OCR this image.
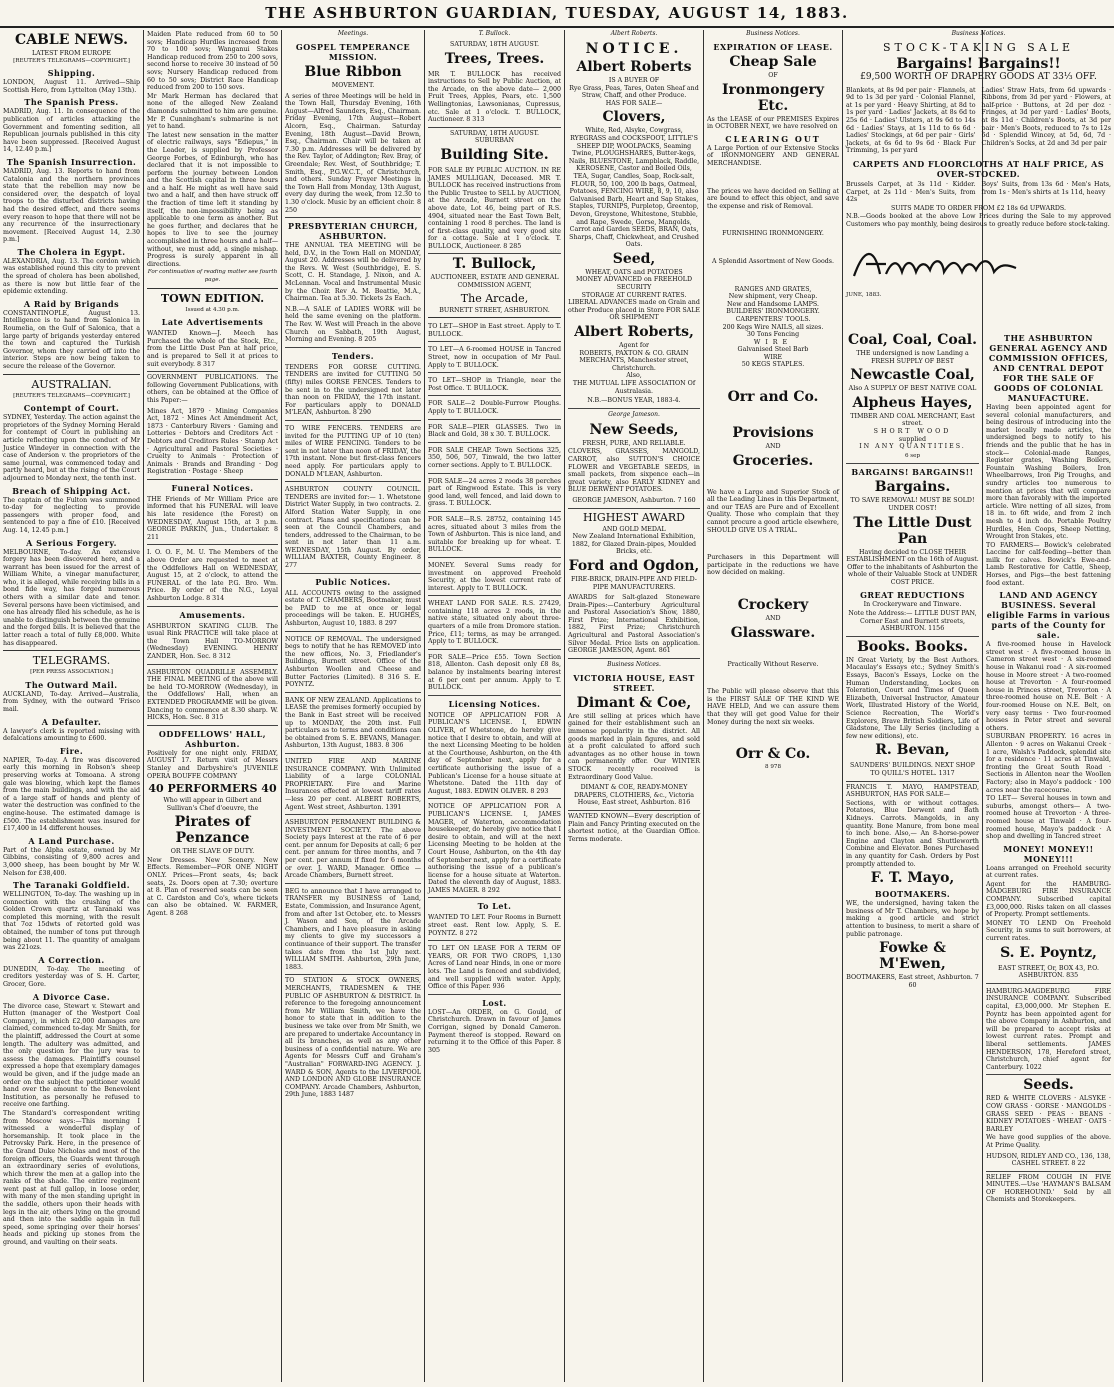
THE ASHBURTON GUARDIAN, TUESDAY, AUGUST 14, 1883.
CABLE NEWS.
LATEST FROM EUROPE
[REUTER'S TELEGRAMS—COPYRIGHT.]
Shipping.
LONDON, August 11. Arrived—Ship Scottish Hero, from Lyttelton (May 13th).
The Spanish Press.
MADRID, Aug. 11. In consequence of the publication of articles attacking the Government and fomenting sedition, all Republican journals published in this city have been suppressed. [Received August 14, 12.40 p.m.]
The Spanish Insurrection.
MADRID, Aug. 13. Reports to hand from Catalonia and the northern provinces state that the rebellion may now be considered over, the despatch of loyal troops to the disturbed districts having had the desired effect, and there seems every reason to hope that there will not be any recurrence of the insurrectionary movement. [Received August 14, 2.30 p.m.]
The Cholera in Egypt.
ALEXANDRIA, Aug. 13. The cordon which was established round this city to prevent the spread of cholera has been abolished, as there is now but little fear of the epidemic extending.
A Raid by Brigands
CONSTANTINOPLE, August 13. Intelligence is to hand from Salonica in Roumelia, on the Gulf of Salonica, that a large party of brigands yesterday entered the town and captured the Turkish Governor, whom they carried off into the interior. Steps are now being taken to secure the release of the Governor.
AUSTRALIAN.
[REUTER'S TELEGRAMS—COPYRIGHT.]
Contempt of Court.
SYDNEY, Yesterday. The action against the proprietors of the Sydney Morning Herald for contempt of Court in publishing an article reflecting upon the conduct of Mr Justice Windeyer in connection with the case of Anderson v. the proprietors of the same journal, was commenced today and partly heard, but at the rising of the Court adjourned to Monday next, the tenth inst.
Breach of Shipping Act.
The captain of the Fulton was summoned to-day for neglecting to provide passengers with proper food, and sentenced to pay a fine of £10. [Received Aug. 14, 12.45 p.m.]
A Serious Forgery.
MELBOURNE, To-day. An extensive forgery has been discovered here, and a warrant has been issued for the arrest of William White, a vinegar manufacturer, who, it is alleged, while receiving bills in a bond fide way, has forged numerous others with a similar date and tenor. Several persons have been victimised, and one has already filed his schedule, as he is unable to distinguish between the genuine and the forged bills. It is believed that the latter reach a total of fully £8,000. White has disappeared.
TELEGRAMS.
[PER PRESS ASSOCIATION.]
The Outward Mail.
AUCKLAND, To-day. Arrived—Australia, from Sydney, with the outward 'Frisco mail.
A Defaulter.
A lawyer's clerk is reported missing with defalcations amounting to £600.
Fire.
NAPIER, To-day. A fire was discovered early this morning in Robson's sheep preserving works at Tomoana. A strong gale was blowing, which kept the flames from the main buildings, and with the aid of a large staff of hands and plenty of water the destruction was confined to the engine-house. The estimated damage is £500. The establishment was insured for £17,400 in 14 different houses.
A Land Purchase.
Part of the Alpha estate, owned by Mr Gibbins, consisting of 9,800 acres and 3,000 sheep, has been bought by Mr W. Nelson for £38,400.
The Taranaki Goldfield.
WELLINGTON, To-day. The washing up in connection with the crushing of the Golden Crown quartz at Taranaki was completed this morning, with the result that 7oz 15dwts of retorted gold was obtained, the number of tons put through being about 11. The quantity of amalgam was 221ozs.
A Correction.
DUNEDIN, To-day. The meeting of creditors yesterday was of S. H. Carter, Grocer, Gore.
A Divorce Case.
The divorce case, Stewart v. Stewart and Hutton (manager of the Westport Coal Company), in which £2,000 damages are claimed, commenced to-day. Mr Smith, for the plaintiff, addressed the Court at some length. The adultery was admitted, and the only question for the jury was to assess the damages. Plaintiff's counsel expressed a hope that exemplary damages would be given, and if the judge made an order on the subject the petitioner would hand over the amount to the Benevolent Institution, as personally he refused to receive one farthing.
The Standard's correspondent writing from Moscow says:—This morning I witnessed a wonderful display of horsemanship. It took place in the Petrovsky Park. Here, in the presence of the Grand Duke Nicholas and most of the foreign officers, the Guards went through an extraordinary series of evolutions, which threw the men at a gallop into the ranks of the shade. The entire regiment went past at full gallop, in loose order, with many of the men standing upright in the saddle, others upon their heads with legs in the air, others lying on the ground and then into the saddle again in full speed, some springing over their horses' heads and picking up stones from the ground, and vaulting on their seats.
Maiden Plate reduced from 60 to 50 sovs; Handicap Hurdles increased from 70 to 100 sovs; Wanganui Stakes Handicap reduced from 250 to 200 sovs, second horse to receive 30 instead of 50 sovs; Nursery Handicap reduced from 60 to 50 sovs; District Race Handicap reduced from 200 to 150 sovs.
Mr Mark Herman has declared that none of the alleged New Zealand diamonds submitted to him are genuine. Mr P. Cunningham's submarine is not yet to hand.
The latest new sensation in the matter of electric railways, says "Ediepus," in the Leader, is supplied by Professor George Forbes, of Edinburgh, who has declared that it is not impossible to perform the journey between London and the Scottish capital in three hours and a half. He might as well have said two and a half, and then have struck off the fraction of time left it standing by itself, the non-impossibility being as applicable to one term as another. But he goes further, and declares that he hopes to live to see the journey accomplished in three hours and a half—without, we must add, a single mishap. Progress is surely apparent in all directions.
For continuation of reading matter see fourth page.
TOWN EDITION.
Issued at 4.30 p.m.
Late Advertisements
WANTED Known—J. Meech has Purchased the whole of the Stock, Etc., from the Little Dust Pan at half price, and is prepared to Sell it at prices to suit everybody. 8 317
GOVERNMENT PUBLICATIONS. The following Government Publications, with others, can be obtained at the Office of this Paper:—
Mines Act, 1879 · Mining Companies Act, 1872 · Mines Act Amendment Act, 1873 · Canterbury Rivers · Gaming and Lotteries · Debtors and Creditors Act · Debtors and Creditors Rules · Stamp Act · Agricultural and Pastoral Societies · Cruelty to Animals · Protection of Animals · Brands and Branding · Dog Registration · Postage · Sheep
Funeral Notices.
THE Friends of Mr William Price are informed that his FUNERAL will leave his late residence (the Forest) on WEDNESDAY, August 15th, at 3 p.m. GEORGE PARKIN, Jun., Undertaker. 8 211
I. O. O. F., M. U. The Members of the above Order are requested to meet at the Oddfellows Hall on WEDNESDAY, August 15, at 2 o'clock, to attend the FUNERAL of the late P.G. Bro. Wm. Price. By order of the N.G., Loyal Ashburton Lodge. 8 314
Amusements.
ASHBURTON SKATING CLUB. The usual Rink PRACTICE will take place at the Town Hall TO-MORROW (Wednesday) EVENING. HENRY ZANDER, Hon. Sec. 8 312
ASHBURTON QUADRILLE ASSEMBLY. THE FINAL MEETING of the above will be held TO-MORROW (Wednesday), in the Oddfellows' Hall, when an EXTENDED PROGRAMME will be given. Dancing to commence at 8.30 sharp. W. HICKS, Hon. Sec. 8 315
ODDFELLOWS' HALL, Ashburton.
Positively for one night only. FRIDAY, AUGUST 17. Return visit of Messrs Stanley and Darbyshire's JUVENILE OPERA BOUFFE COMPANY
40 PERFORMERS 40
Who will appear in Gilbert and Sullivan's Chef d'oeuvre, the
Pirates of Penzance
OR THE SLAVE OF DUTY.
New Dresses. New Scenery. New Effects. Remember—FOR ONE NIGHT ONLY. Prices—Front seats, 4s; back seats, 2s. Doors open at 7.30; overture at 8. Plan of reserved seats can be seen at C. Cardston and Co's, where tickets can also be obtained. W. FARMER, Agent. 8 268
Meetings.
GOSPEL TEMPERANCE MISSION.
Blue Ribbon
MOVEMENT.
A series of three Meetings will be held in the Town Hall, Thursday Evening, 16th August—Alfred Saunders, Esq., Chairman. Friday Evening, 17th August—Robert Alcorn, Esq., Chairman. Saturday Evening, 18th August—David Brown, Esq., Chairman. Chair will be taken at 7.30 p.m. Addresses will be delivered by the Rev. Taylor, of Addington; Rev. Bray, of Greendale; Rev. West, of Southbridge; T. Smith, Esq., P.G.W.C.T., of Christchurch, and others. Sunday Prayer Meetings in the Town Hall from Monday, 13th August, every day during the week, from 12.30 to 1.30 o'clock. Music by an efficient choir. 8 250
PRESBYTERIAN CHURCH, ASHBURTON.
THE ANNUAL TEA MEETING will be held, D.V., in the Town Hall on MONDAY, August 20. Addresses will be delivered by the Revs. W. West (Southbridge), E. S. Scott, C. H. Standage, J. Nixon, and A. McLennan. Vocal and Instrumental Music by the Choir. Rev A. M. Beattie, M.A., Chairman. Tea at 5.30. Tickets 2s Each.
N.B.—A SALE of LADIES WORK will be held the same evening on the platform. The Rev. W. West will Preach in the above Church on Sabbath, 19th August, Morning and Evening. 8 205
Tenders.
TENDERS FOR GORSE CUTTING. TENDERS are invited for CUTTING 50 (fifty) miles GORSE FENCES. Tenders to be sent in to the undersigned not later than noon on FRIDAY, the 17th instant. For particulars apply to DONALD M'LEAN, Ashburton. 8 290
TO WIRE FENCERS. TENDERS are invited for the PUTTING UP of 10 (ten) miles of WIRE FENCING. Tenders to be sent in not later than noon of FRIDAY, the 17th instant. None but first-class fencers need apply. For particulars apply to DONALD M'LEAN, Ashburton.
ASHBURTON COUNTY COUNCIL. TENDERS are invited for:— 1. Whetstone District Water Supply, in two contracts. 2. Alford Station Water Supply, in one contract. Plans and specifications can be seen at the Council Chambers, and tenders, addressed to the Chairman, to be sent in not later than 11 a.m. WEDNESDAY, 15th August. By order, WILLIAM BAXTER, County Engineer. 8 277
Public Notices.
ALL ACCOUNTS owing to the assigned estate of T. CHAMBERS, Bootmaker, must be PAID to me at once or legal proceedings will be taken. E. HUGHES, Ashburton, August 10, 1883. 8 297
NOTICE OF REMOVAL. The undersigned begs to notify that he has REMOVED into the new offices, No. 3, Friedlander's Buildings, Burnett street. Office of the Ashburton Woollen and Cheese and Butter Factories (Limited). 8 316 S. E. POYNTZ.
BANK OF NEW ZEALAND. Applications to LEASE the premises formerly occupied by the Bank in East street will be received up to MONDAY, the 20th inst. Full particulars as to terms and conditions can be obtained from S. E. BEVANS, Manager. Ashburton, 13th August, 1883. 8 306
UNITED FIRE AND MARINE INSURANCE COMPANY. With Unlimited Liability of a large COLONIAL PROPRIETARY. Fire and Marine Insurances effected at lowest tariff rates—less 20 per cent. ALBERT ROBERTS, Agent. West street, Ashburton. 1391
ASHBURTON PERMANENT BUILDING & INVESTMENT SOCIETY. The above Society pays Interest at the rate of 6 per cent. per annum for Deposits at call; 6 per cent. per annum for three months, and 7 per cent. per annum if fixed for 6 months or over. J. WARD, Manager. Office — Arcade Chambers, Burnett street.
BEG to announce that I have arranged to TRANSFER my BUSINESS of Land, Estate, Commission, and Insurance Agent, from and after 1st October, etc. to Messrs J. Wason and Son, of the Arcade Chambers, and I have pleasure in asking my clients to give my successors a continuance of their support. The transfer takes date from the 1st July next. WILLIAM SMITH. Ashburton, 29th June, 1883.
TO STATION & STOCK OWNERS, MERCHANTS, TRADESMEN & THE PUBLIC OF ASHBURTON & DISTRICT. In reference to the foregoing announcement from Mr William Smith, we have the honor to state that in addition to the business we take over from Mr Smith, we are prepared to undertake Accountancy in all its branches, as well as any other business of a confidential nature. We are Agents for Messrs Cuff and Graham's "Australian" FORWARD-ING AGENCY. J. WARD & SON, Agents to the LIVERPOOL AND LONDON AND GLOBE INSURANCE COMPANY. Arcade Chambers, Ashburton, 29th June, 1883 1487
T. Bullock.
SATURDAY, 18TH AUGUST.
Trees, Trees.
MR T. BULLOCK has received instructions to Sell by Public Auction, at the Arcade, on the above date— 2,000 Fruit Trees, Apples, Pears, etc. 1,500 Wellingtonias, Lawsonianas, Cupressus, etc. Sale at 1 o'clock. T. BULLOCK, Auctioneer. 8 313
SATURDAY, 18TH AUGUST.
SUBURBAN
Building Site.
FOR SALE BY PUBLIC AUCTION. IN RE JAMES MULLIGAN, Deceased. MR T. BULLOCK has received instructions from the Public Trustee to SELL by AUCTION, at the Arcade, Burnett street on the above date, Lot 46, being part of R.S. 4904, situated near the East Town Belt, containing 1 rood 8 perches. The land is of first-class quality, and very good site for a cottage. Sale at 1 o'clock. T. BULLOCK, Auctioneer. 8 285
T. Bullock,
AUCTIONEER, ESTATE AND GENERAL COMMISSION AGENT,
The Arcade,
BURNETT STREET, ASHBURTON.
TO LET—SHOP in East street. Apply to T. BULLOCK.
TO LET—A 6-roomed HOUSE in Tancred Street, now in occupation of Mr Paul. Apply to T. BULLOCK.
TO LET—SHOP in Triangle, near the Post Office. T. BULLOCK.
FOR SALE—2 Double-Furrow Ploughs. Apply to T. BULLOCK.
FOR SALE—PIER GLASSES. Two in Black and Gold, 38 x 30. T. BULLOCK.
FOR SALE CHEAP. Town Sections 325, 350, 506, 507, Tinwald, the two latter corner sections. Apply to T. BULLOCK.
FOR SALE—24 acres 2 roods 38 perches part of Ringwood Estate. This is very good land, well fenced, and laid down to grass. T. BULLOCK.
FOR SALE—R.S. 28752, containing 145 acres, situated about 3 miles from the Town of Ashburton. This is nice land, and suitable for breaking up for wheat. T. BULLOCK.
MONEY. Several Sums ready for investment on approved Freehold Security, at the lowest current rate of interest. Apply to T. BULLOCK.
WHEAT LAND FOR SALE. R.S. 27429, containing 118 acres 2 roods, in the native state, situated only about three-quarters of a mile from Dromore station. Price, £11; terms, as may be arranged. Apply to T. BULLOCK.
FOR SALE—Price £55. Town Section 818, Allenton. Cash deposit only £8 8s, balance by instalments bearing interest at 6 per cent per annum. Apply to T. BULLOCK.
Licensing Notices.
NOTICE OF APPLICATION FOR A PUBLICAN'S LICENSE. I, EDWIN OLIVER, of Whetstone, do hereby give notice that I desire to obtain, and will at the next Licensing Meeting to be holden at the Courthouse, Ashburton, on the 4th day of September next, apply for a certificate authorising the issue of a Publican's License for a house situate at Whetstone. Dated the 11th day of August, 1883. EDWIN OLIVER. 8 293
NOTICE OF APPLICATION FOR A PUBLICAN'S LICENSE. I, JAMES MAGER, of Waterton, accommodation housekeeper, do hereby give notice that I desire to obtain, and will at the next Licensing Meeting to be holden at the Court House, Ashburton, on the 4th day of September next, apply for a certificate authorising the issue of a publican's license for a house situate at Waterton. Dated the eleventh day of August, 1883. JAMES MAGER. 8 292
To Let.
WANTED TO LET. Four Rooms in Burnett street east. Rent low. Apply, S. E. POYNTZ. 8 272
TO LET ON LEASE FOR A TERM OF YEARS, OR FOR TWO CROPS, 1,130 Acres of Land near Hinds, in one or more lots. The Land is fenced and subdivided, and well supplied with water. Apply, Office of this Paper. 936
Lost.
LOST—An ORDER, on G. Gould, of Christchurch. Drawn in favour of James Corrigan, signed by Donald Cameron. Payment thereof is stopped. Reward on returning it to the Office of this Paper. 8 305
Albert Roberts.
NOTICE.
Albert Roberts
IS A BUYER OF
Rye Grass, Peas, Tares, Oaten Sheaf and Straw, Chaff, and other Produce.
HAS FOR SALE—
Clovers,
White, Red, Alsyke, Cowgrass, RYEGRASS and COCKSFOOT, LITTLE'S SHEEP DIP, WOOLPACKS, Seaming Twine, PLOUGHSHARES, Butter-kegs, Nails, BLUESTONE, Lampblack, Raddle, KEROSENE, Castor and Boiled Oils, TEA, Sugar, Candles, Soap, Rock-salt, FLOUR, 50, 100, 200 lb bags, Oatmeal, Potatoes, FENCING WIRE, 8, 9, 10, also Galvanised Barb, Heart and Sap Stakes, Staples, TURNIPS, Purpletop, Greentop, Devon, Greystone, Whitestone, Stubble, and Rape, Swede, Gorse, Mangolds, Carrot and Garden SEEDS, BRAN, Oats, Sharps, Chaff, Chickwheat, and Crushed Oats.
Seed,
WHEAT, OATS and POTATOES
MONEY ADVANCED on FREEHOLD SECURITY
STORAGE AT CURRENT RATES.
LIBERAL ADVANCES made on Grain and other Produce placed in Store FOR SALE OR SHIPMENT
Albert Roberts,
Agent for
ROBERTS, PAXTON & CO. GRAIN MERCHANTS, Manchester street, Christchurch.
Also,
THE MUTUAL LIFE ASSOCIATION Of Australasia.
N.B.—BONUS YEAR, 1883-4.
George Jameson.
New Seeds,
FRESH, PURE, AND RELIABLE.
CLOVERS, GRASSES, MANGOLD, CARROT, also SUTTON'S CHOICE FLOWER and VEGETABLE SEEDS, in small packets, from sixpence each—in great variety, also EARLY KIDNEY and BLUE DERWENT POTATOES.
GEORGE JAMESON, Ashburton. 7 160
HIGHEST AWARD
AND GOLD MEDAL
New Zealand International Exhibition, 1882, for Glazed Drain-pipes, Moulded Bricks, etc.
Ford and Ogdon,
FIRE-BRICK, DRAIN-PIPE AND FIELD-PIPE MANUFACTURERS.
AWARDS for Salt-glazed Stoneware Drain-Pipes:—Canterbury Agricultural and Pastoral Association's Show, 1880, First Prize; International Exhibition, 1882, First Prize; Christchurch Agricultural and Pastoral Association's Silver Medal. Price lists on application. GEORGE JAMESON, Agent. 861
Business Notices.
VICTORIA HOUSE, EAST STREET.
Dimant & Coe,
Are still selling at prices which have gained for their establishment such an immense popularity in the district. All goods marked in plain figures, and sold at a profit calculated to afford such advantages as no other house in town can permanently offer. Our WINTER STOCK recently received is Extraordinary Good Value.
DIMANT & COE, READY-MONEY DRAPERS, CLOTHIERS, &c., Victoria House, East street, Ashburton. 816
WANTED KNOWN—Every description of Plain and Fancy Printing executed on the shortest notice, at the Guardian Office. Terms moderate.
Business Notices.
EXPIRATION OF LEASE.
Cheap Sale
OF
Ironmongery Etc.
As the LEASE of our PREMISES Expires in OCTOBER NEXT, we have resolved on
CLEARING OUT
A Large Portion of our Extensive Stocks of IRONMONGERY AND GENERAL MERCHANDISE.
The prices we have decided on Selling at are bound to effect this object, and save the expense and risk of Removal.
FURNISHING IRONMONGERY.
A Splendid Assortment of New Goods.
RANGES AND GRATES,
New shipment, very Cheap.
New and Handsome LAMPS.
BUILDERS' IRONMONGERY.
CARPENTERS' TOOLS.
200 Kegs Wire NAILS, all sizes.
30 Tons Fencing
WIRE
Galvanised Steel Barb
WIRE
50 KEGS STAPLES.
Orr and Co.
Provisions
AND
Groceries.
We have a Large and Superior Stock of all the Leading Lines in this Department, and our TEAS are Pure and of Excellent Quality. Those who complain that they cannot procure a good article elsewhere, SHOULD GIVE US A TRIAL.
Purchasers in this Department will participate in the reductions we have now decided on making.
Crockery
AND
Glassware.
Practically Without Reserve.
The Public will please observe that this is the FIRST SALE OF THE KIND WE HAVE HELD, And we can assure them that they will get good Value for their Money during the next six weeks.
Orr & Co.
8 978
Business Notices.
STOCK-TAKING SALE
Bargains! Bargains!!
£9,500 WORTH OF DRAPERY GOODS AT 33⅓ OFF.
Blankets, at 8s 9d per pair · Flannels, at 9d to 1s 3d per yard · Colonial Flannel, at 1s per yard · Heavy Shirting, at 8d to 1s per yard · Ladies' Jackets, at 8s 6d to 25s 6d · Ladies' Ulsters, at 9s 6d to 14s 6d · Ladies' Stays, at 1s 11d to 6s 6d · Ladies' Stockings, at 6d per pair · Girls' Jackets, at 6s 6d to 9s 6d · Black Fur Trimming, 1s per yard
Ladies' Straw Hats, from 6d upwards · Ribbons, from 3d per yard · Flowers, at half-price · Buttons, at 2d per doz · Fringes, at 3d per yard · Ladies' Boots, at 8s 11d · Children's Boots, at 3d per pair · Men's Boots, reduced to 7s to 12s 6d · Splendid Wincey, at 5d, 6d, 7d · Children's Socks, at 2d and 3d per pair
CARPETS AND FLOORCLOTHS AT HALF PRICE, AS OVER-STOCKED.
Brussels Carpet, at 3s 11d · Kidder. Carpet, at 2s 11d · Men's Suits, from 42s
Boys' Suits, from 13s 6d · Men's Hats, from 1s · Men's shirts at 1s 11d, heavy
SUITS MADE TO ORDER FROM £2 18s 6d UPWARDS.
N.B.—Goods booked at the above Low Prices during the Sale to my approved Customers who pay monthly, being desirous to greatly reduce before stock-taking.
JUNE, 1883.
Coal, Coal, Coal.
THE undersigned is now Landing a FRESH SUPPLY OF BEST
Newcastle Coal,
Also A SUPPLY OF BEST NATIVE COAL
Alpheus Hayes,
TIMBER AND COAL MERCHANT, East street.
SHORT WOOD
supplied
IN ANY QUANTITIES.
6 sep
BARGAINS! BARGAINS!!
Bargains.
TO SAVE REMOVAL! MUST BE SOLD! UNDER COST!
The Little Dust Pan
Having decided to CLOSE THEIR ESTABLISHMENT on the 16th of August. Offer to the inhabitants of Ashburton the whole of their Valuable Stock at UNDER COST PRICE.
GREAT REDUCTIONS
In Crockeryware and Tinware.
Note the Address:— LITTLE DUST PAN, Corner East and Burnett streets, ASHBURTON. 1156
Books. Books.
IN Great Variety, by the Best Authors. Macaulay's Essays etc.; Sydney Smith's Essays, Bacon's Essays, Locke on the Human Understanding, Lockes on Toleration, Court and Times of Queen Elizabeth, Universal Instructor, Amateur Work, Illustrated History of the World, Science Recreation, The World's Explorers, Brave British Soldiers, Life of Gladstone, The Lily Series (including a few new editions), etc.
R. Bevan,
SAUNDERS' BUILDINGS. NEXT SHOP TO QUILL'S HOTEL. 1317
FRANCIS T. MAYO, HAMPSTEAD, ASHBURTON, HAS FOR SALE—
Sections, with or without cottages. Potatoes, Blue Derwent and Bath Kidneys. Carrots. Mangolds, in any quantity. Bone Manure, from bone meal to inch bone. Also,— An 8-horse-power Engine and Clayton and Shuttleworth Combine and Elevator. Bones Purchased in any quantity for Cash. Orders by Post promptly attended to.
F. T. Mayo,
BOOTMAKERS.
WE, the undersigned, having taken the business of Mr T. Chambers, we hope by making a good article and strict attention to business, to merit a share of public patronage.
Fowke & M'Ewen,
BOOTMAKERS, East street, Ashburton. 7 60
THE ASHBURTON GENERAL AGENCY AND COMMISSION OFFICES, AND CENTRAL DEPOT FOR THE SALE OF GOODS OF COLONIAL MANUFACTURE.
Having been appointed agent for several colonial manufacturers, and being desirous of introducing into the market locally made articles, the undersigned begs to notify to his friends and the public that he has in stock— Colonial-made Ranges, Register grates, Washing Boilers, Fountain Washing Boilers, Iron Wheelbarrows, Iron Pig Troughs, and sundry articles too numerous to mention at prices that will compare more than favorably with the imported article. Wire netting of all sizes, from 18 in. to 6ft wide, and from 2 inch mesh to 4 inch do. Portable Poultry Hurdles, Hen Coops, Sheep Netting, Wrought Iron Stakes, etc.
TO FARMERS— Bowick's celebrated Laccine for calf-feeding—better than milk for calves. Bowick's Ewe-and-Lamb Restorative for Cattle, Sheep, Horses, and Pigs—the best fattening food extant.
LAND AND AGENCY BUSINESS. Several eligible Farms in various parts of the County for sale.
A five-roomed house in Havelock street west · A five-roomed house in Cameron street west · A six-roomed house in Wakanui road · A six-roomed house in Moore street · A two-roomed house at Trevorton · A four-roomed house in Princes street, Trevorton · A three-roomed house on N.E. Belt · A four-roomed House on N.E. Belt, on very easy terms · Two four-roomed houses in Peter street and several others.
SUBURBAN PROPERTY. 16 acres in Allenton · 9 acres on Wakanui Creek · 1 acre, Walsh's Paddock, splendid site for a residence · 11 acres at Tinwald, fronting the Great South Road · Sections in Allenton near the Woollen Factory; also in Mayo's paddock · 100 acres near the racecourse.
TO LET— Several houses in town and suburbs, amongst others— A two-roomed house at Trevorton · A three-roomed house at Tinwald · A four-roomed house, Mayo's paddock · A shop and dwelling in Tancred street
MONEY! MONEY!! MONEY!!!
Loans arranged on Freehold security at current rates.
Agent for the HAMBURG-MADGEBURG FIRE INSURANCE COMPANY. Subscribed capital £3,000,000. Risks taken on all classes of Property. Prompt settlements.
MONEY TO LEND On Freehold Security, in sums to suit borrowers, at current rates.
S. E. Poyntz,
EAST STREET, Or, BOX 43, P.O. ASHBURTON. 835
HAMBURG-MAGDEBURG FIRE INSURANCE COMPANY. Subscribed capital, £3,000,000. Mr Stephen E. Poyntz has been appointed agent for the above Company in Ashburton, and will be prepared to accept risks at lowest current rates. Prompt and liberal settlements. JAMES HENDERSON, 178, Hereford street, Christchurch, chief agent for Canterbury. 1022
Seeds.
RED & WHITE CLOVERS · ALSYKE · COW GRASS · GORSE · MANGOLDS · GRASS SEED · PEAS · BEANS · KIDNEY POTATOES · WHEAT · OATS · BARLEY
We have good supplies of the above. At Prime Quality.
HUDSON, RIDLEY AND CO., 136, 138, CASHEL STREET. 8 22
RELIEF FROM COUGH IN FIVE MINUTES.—Use 'HAYMAN'S BALSAM OF HOREHOUND.' Sold by all Chemists and Storekeepers.
